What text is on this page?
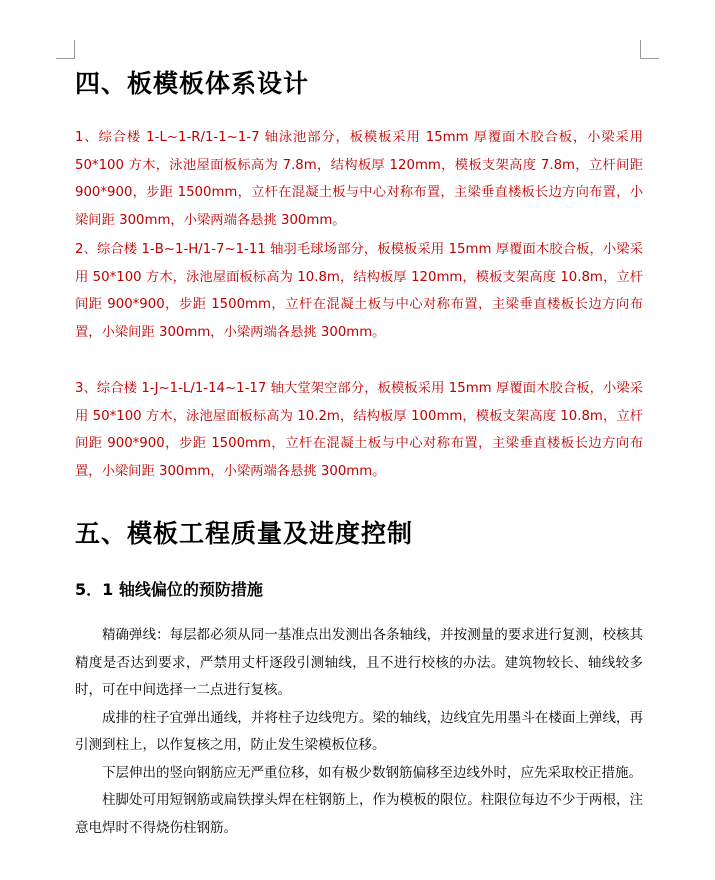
四、板模板体系设计

1、综合楼 1-L~1-R/1-1~1-7 轴泳池部分，板模板采用 15mm 厚覆面木胶合板，小梁采用 50*100 方木，泳池屋面板标高为 7.8m，结构板厚 120mm，模板支架高度 7.8m，立杆间距 900*900，步距 1500mm，立杆在混凝土板与中心对称布置，主梁垂直楼板长边方向布置，小梁间距 300mm，小梁两端各悬挑 300mm。

2、综合楼 1-B~1-H/1-7~1-11 轴羽毛球场部分，板模板采用 15mm 厚覆面木胶合板，小梁采用 50*100 方木，泳池屋面板标高为 10.8m，结构板厚 120mm，模板支架高度 10.8m，立杆间距 900*900，步距 1500mm，立杆在混凝土板与中心对称布置，主梁垂直楼板长边方向布置，小梁间距 300mm，小梁两端各悬挑 300mm。

3、综合楼 1-J~1-L/1-14~1-17 轴大堂架空部分，板模板采用 15mm 厚覆面木胶合板，小梁采用 50*100 方木，泳池屋面板标高为 10.2m，结构板厚 100mm，模板支架高度 10.8m，立杆间距 900*900，步距 1500mm，立杆在混凝土板与中心对称布置，主梁垂直楼板长边方向布置，小梁间距 300mm，小梁两端各悬挑 300mm。

五、模板工程质量及进度控制
5．1 轴线偏位的预防措施

精确弹线：每层都必须从同一基准点出发测出各条轴线，并按测量的要求进行复测，校核其精度是否达到要求，严禁用丈杆逐段引测轴线，且不进行校核的办法。建筑物较长、轴线较多时，可在中间选择一二点进行复核。

成排的柱子宜弹出通线，并将柱子边线兜方。梁的轴线，边线宜先用墨斗在楼面上弹线，再引测到柱上，以作复核之用，防止发生梁模板位移。

下层伸出的竖向钢筋应无严重位移，如有极少数钢筋偏移至边线外时，应先采取校正措施。

柱脚处可用短钢筋或扁铁撑头焊在柱钢筋上，作为模板的限位。柱限位每边不少于两根，注意电焊时不得烧伤柱钢筋。
